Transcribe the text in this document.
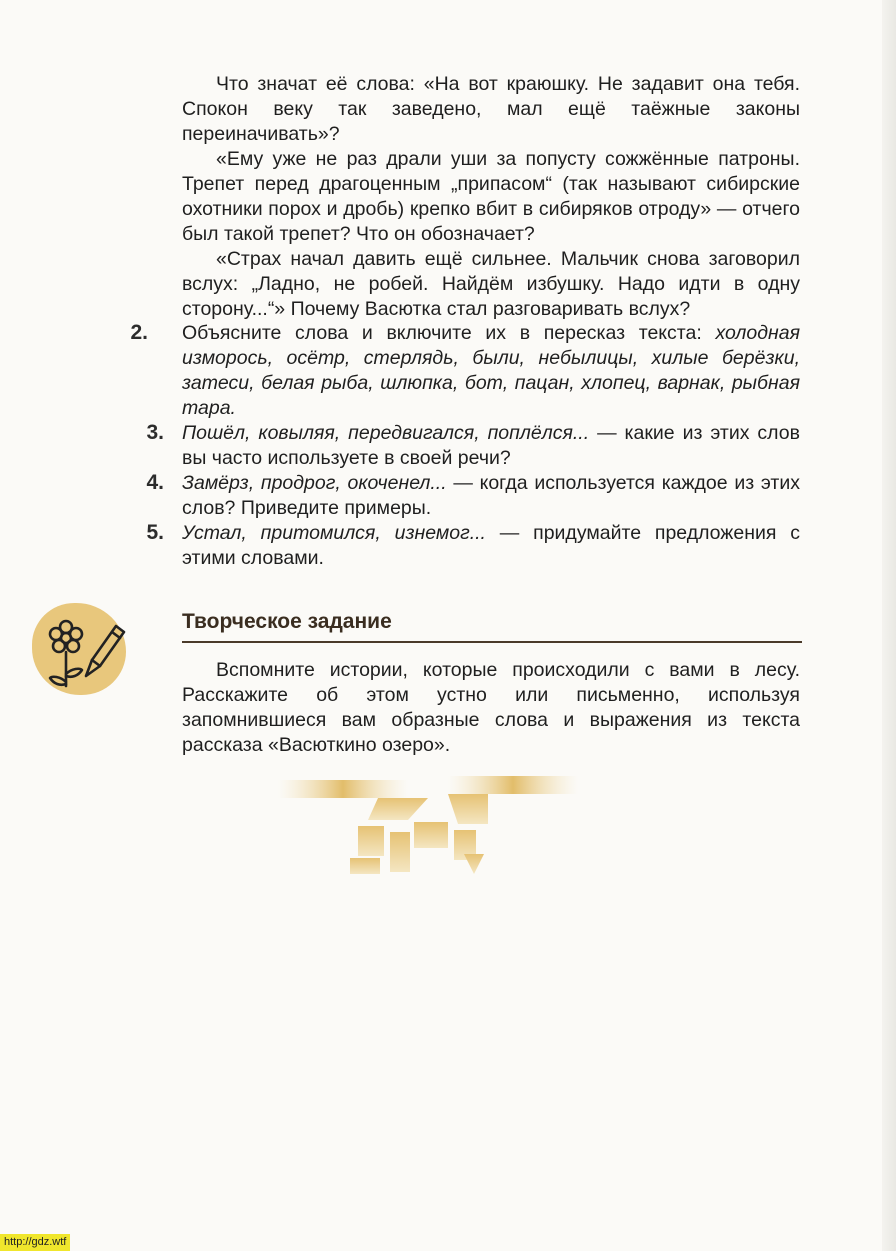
Что значат её слова: «На вот краюшку. Не задавит она тебя. Спокон веку так заведено, мал ещё таёжные законы переиначивать»?

«Ему уже не раз драли уши за попусту сожжённые патроны. Трепет перед драгоценным „припасом“ (так называют сибирские охотники порох и дробь) крепко вбит в сибиряков отроду» — отчего был такой трепет? Что он обозначает?

«Страх начал давить ещё сильнее. Мальчик снова заговорил вслух: „Ладно, не робей. Найдём избушку. Надо идти в одну сторону...“» Почему Васютка стал разговаривать вслух?

2. Объясните слова и включите их в пересказ текста: холодная изморось, осётр, стерлядь, были, небылицы, хилые берёзки, затеси, белая рыба, шлюпка, бот, пацан, хлопец, варнак, рыбная тара.

3. Пошёл, ковыляя, передвигался, поплёлся... — какие из этих слов вы часто используете в своей речи?

4. Замёрз, продрог, окоченел... — когда используется каждое из этих слов? Приведите примеры.

5. Устал, притомился, изнемог... — придумайте предложения с этими словами.

Творческое задание

Вспомните истории, которые происходили с вами в лесу. Расскажите об этом устно или письменно, используя запомнившиеся вам образные слова и выражения из текста рассказа «Васюткино озеро».

http://gdz.wtf
